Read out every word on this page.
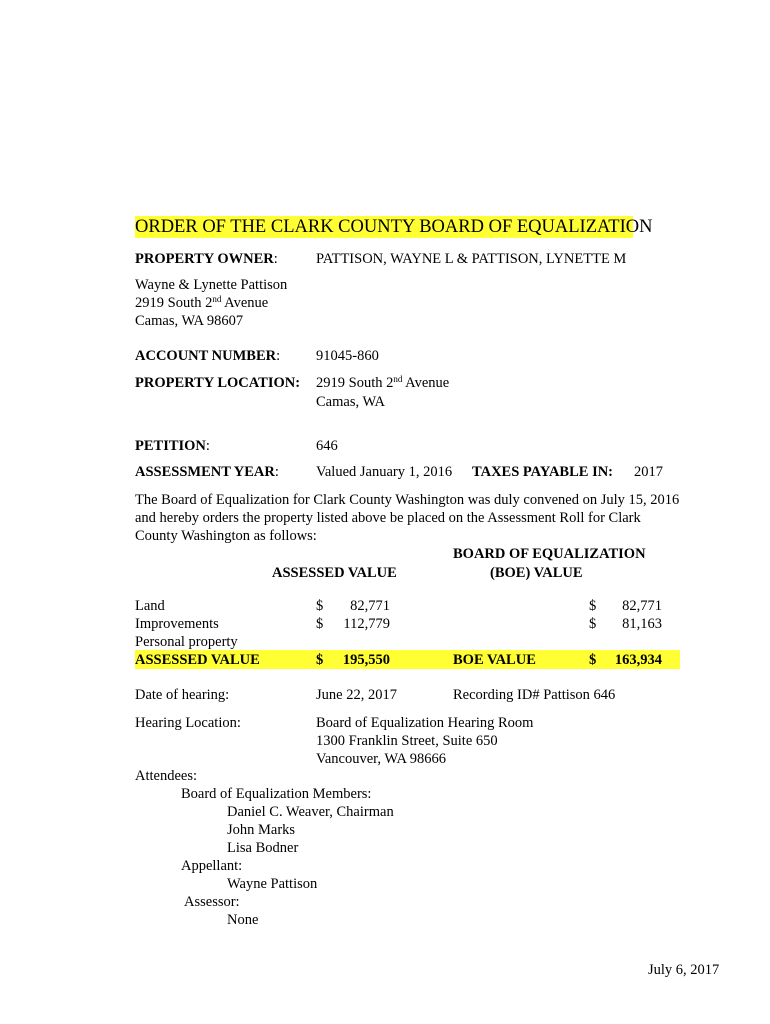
ORDER OF THE CLARK COUNTY BOARD OF EQUALIZATION
PROPERTY OWNER:	PATTISON, WAYNE L & PATTISON, LYNETTE M
Wayne & Lynette Pattison
2919 South 2nd Avenue
Camas, WA 98607
ACCOUNT NUMBER: 91045-860
PROPERTY LOCATION: 2919 South 2nd Avenue
Camas, WA
PETITION:	646
ASSESSMENT YEAR:	Valued January 1, 2016 TAXES PAYABLE IN: 2017
The Board of Equalization for Clark County Washington was duly convened on July 15, 2016 and hereby orders the property listed above be placed on the Assessment Roll for Clark County Washington as follows:
BOARD OF EQUALIZATION
ASSESSED VALUE	(BOE) VALUE
Land	$	82,771	$	82,771
Improvements	$	112,779	$	81,163
Personal property
ASSESSED VALUE	$	195,550	BOE VALUE	$	163,934
Date of hearing:	June 22, 2017	Recording ID# Pattison 646
Hearing Location:	Board of Equalization Hearing Room
1300 Franklin Street, Suite 650
Vancouver, WA 98666
Attendees:
Board of Equalization Members:
Daniel C. Weaver, Chairman
John Marks
Lisa Bodner
Appellant:
Wayne Pattison
Assessor:
None
July 6, 2017
